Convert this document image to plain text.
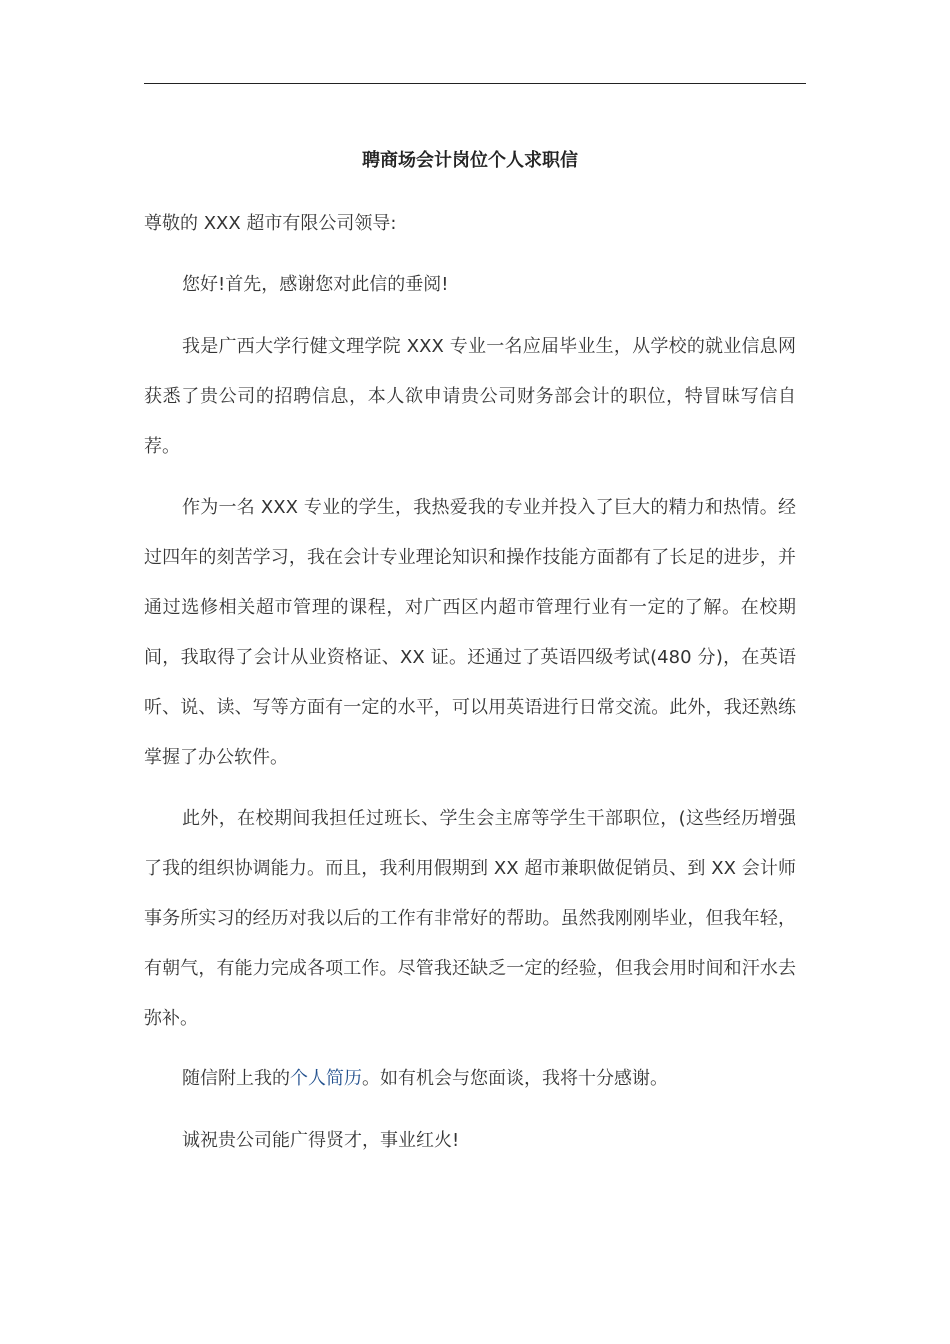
聘商场会计岗位个人求职信

尊敬的 XXX 超市有限公司领导:

您好!首先，感谢您对此信的垂阅!

我是广西大学行健文理学院 XXX 专业一名应届毕业生，从学校的就业信息网获悉了贵公司的招聘信息，本人欲申请贵公司财务部会计的职位，特冒昧写信自荐。

作为一名 XXX 专业的学生，我热爱我的专业并投入了巨大的精力和热情。经过四年的刻苦学习，我在会计专业理论知识和操作技能方面都有了长足的进步，并通过选修相关超市管理的课程，对广西区内超市管理行业有一定的了解。在校期间，我取得了会计从业资格证、XX 证。还通过了英语四级考试(480 分)，在英语听、说、读、写等方面有一定的水平，可以用英语进行日常交流。此外，我还熟练掌握了办公软件。

此外，在校期间我担任过班长、学生会主席等学生干部职位，(这些经历增强了我的组织协调能力。而且，我利用假期到 XX 超市兼职做促销员、到 XX 会计师事务所实习的经历对我以后的工作有非常好的帮助。虽然我刚刚毕业，但我年轻，有朝气，有能力完成各项工作。尽管我还缺乏一定的经验，但我会用时间和汗水去弥补。

随信附上我的个人简历。如有机会与您面谈，我将十分感谢。

诚祝贵公司能广得贤才，事业红火!
